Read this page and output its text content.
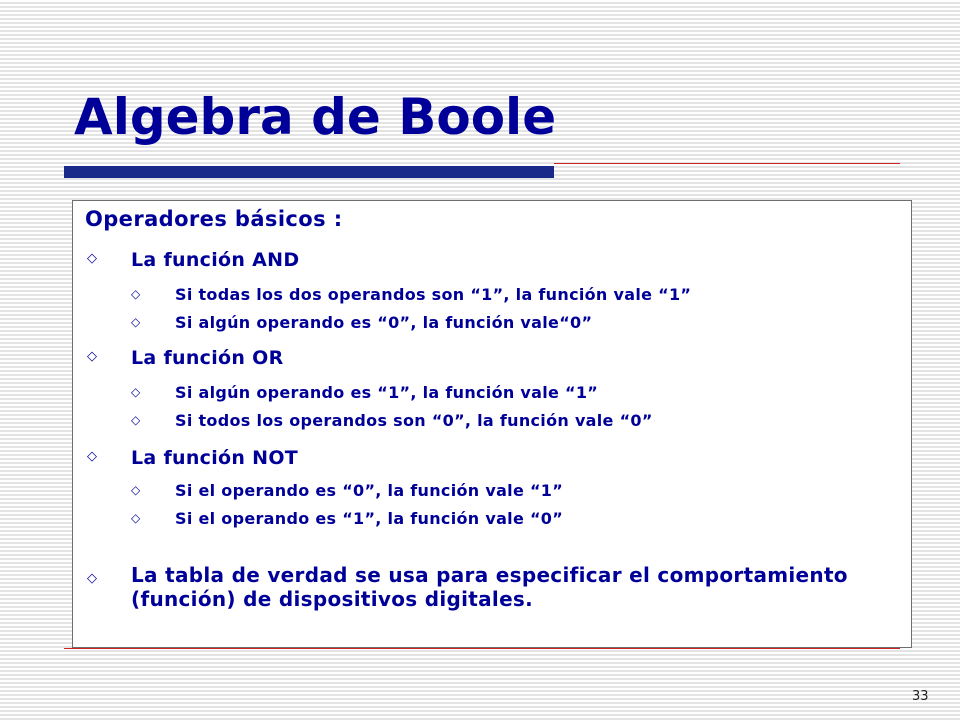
Algebra de Boole
Operadores básicos :
◇ La función AND
◇ Si todas los dos operandos son “1”, la función vale “1”
◇ Si algún operando es “0”, la función vale“0”
◇ La función OR
◇ Si algún operando es “1”, la función vale “1”
◇ Si todos los operandos son “0”, la función vale “0”
◇ La función NOT
◇ Si el operando es “0”, la función vale “1”
◇ Si el operando es “1”, la función vale “0”
◇	La tabla de verdad se usa para especificar el comportamiento (función) de dispositivos digitales.
33
